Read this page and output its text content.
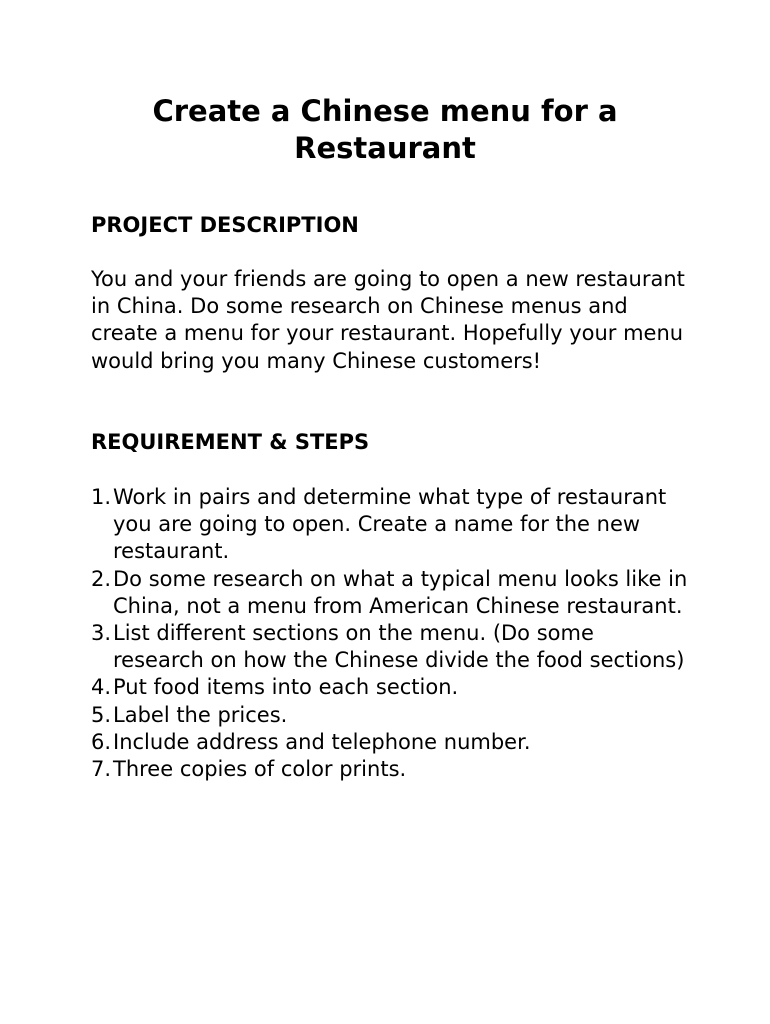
Create a Chinese menu for a
Restaurant
PROJECT DESCRIPTION

You and your friends are going to open a new restaurant in China. Do some research on Chinese menus and create a menu for your restaurant. Hopefully your menu would bring you many Chinese customers!

REQUIREMENT & STEPS
1. Work in pairs and determine what type of restaurant you are going to open. Create a name for the new restaurant.
2. Do some research on what a typical menu looks like in China, not a menu from American Chinese restaurant.
3. List different sections on the menu. (Do some research on how the Chinese divide the food sections)
4. Put food items into each section.
5. Label the prices.
6. Include address and telephone number.
7. Three copies of color prints.
